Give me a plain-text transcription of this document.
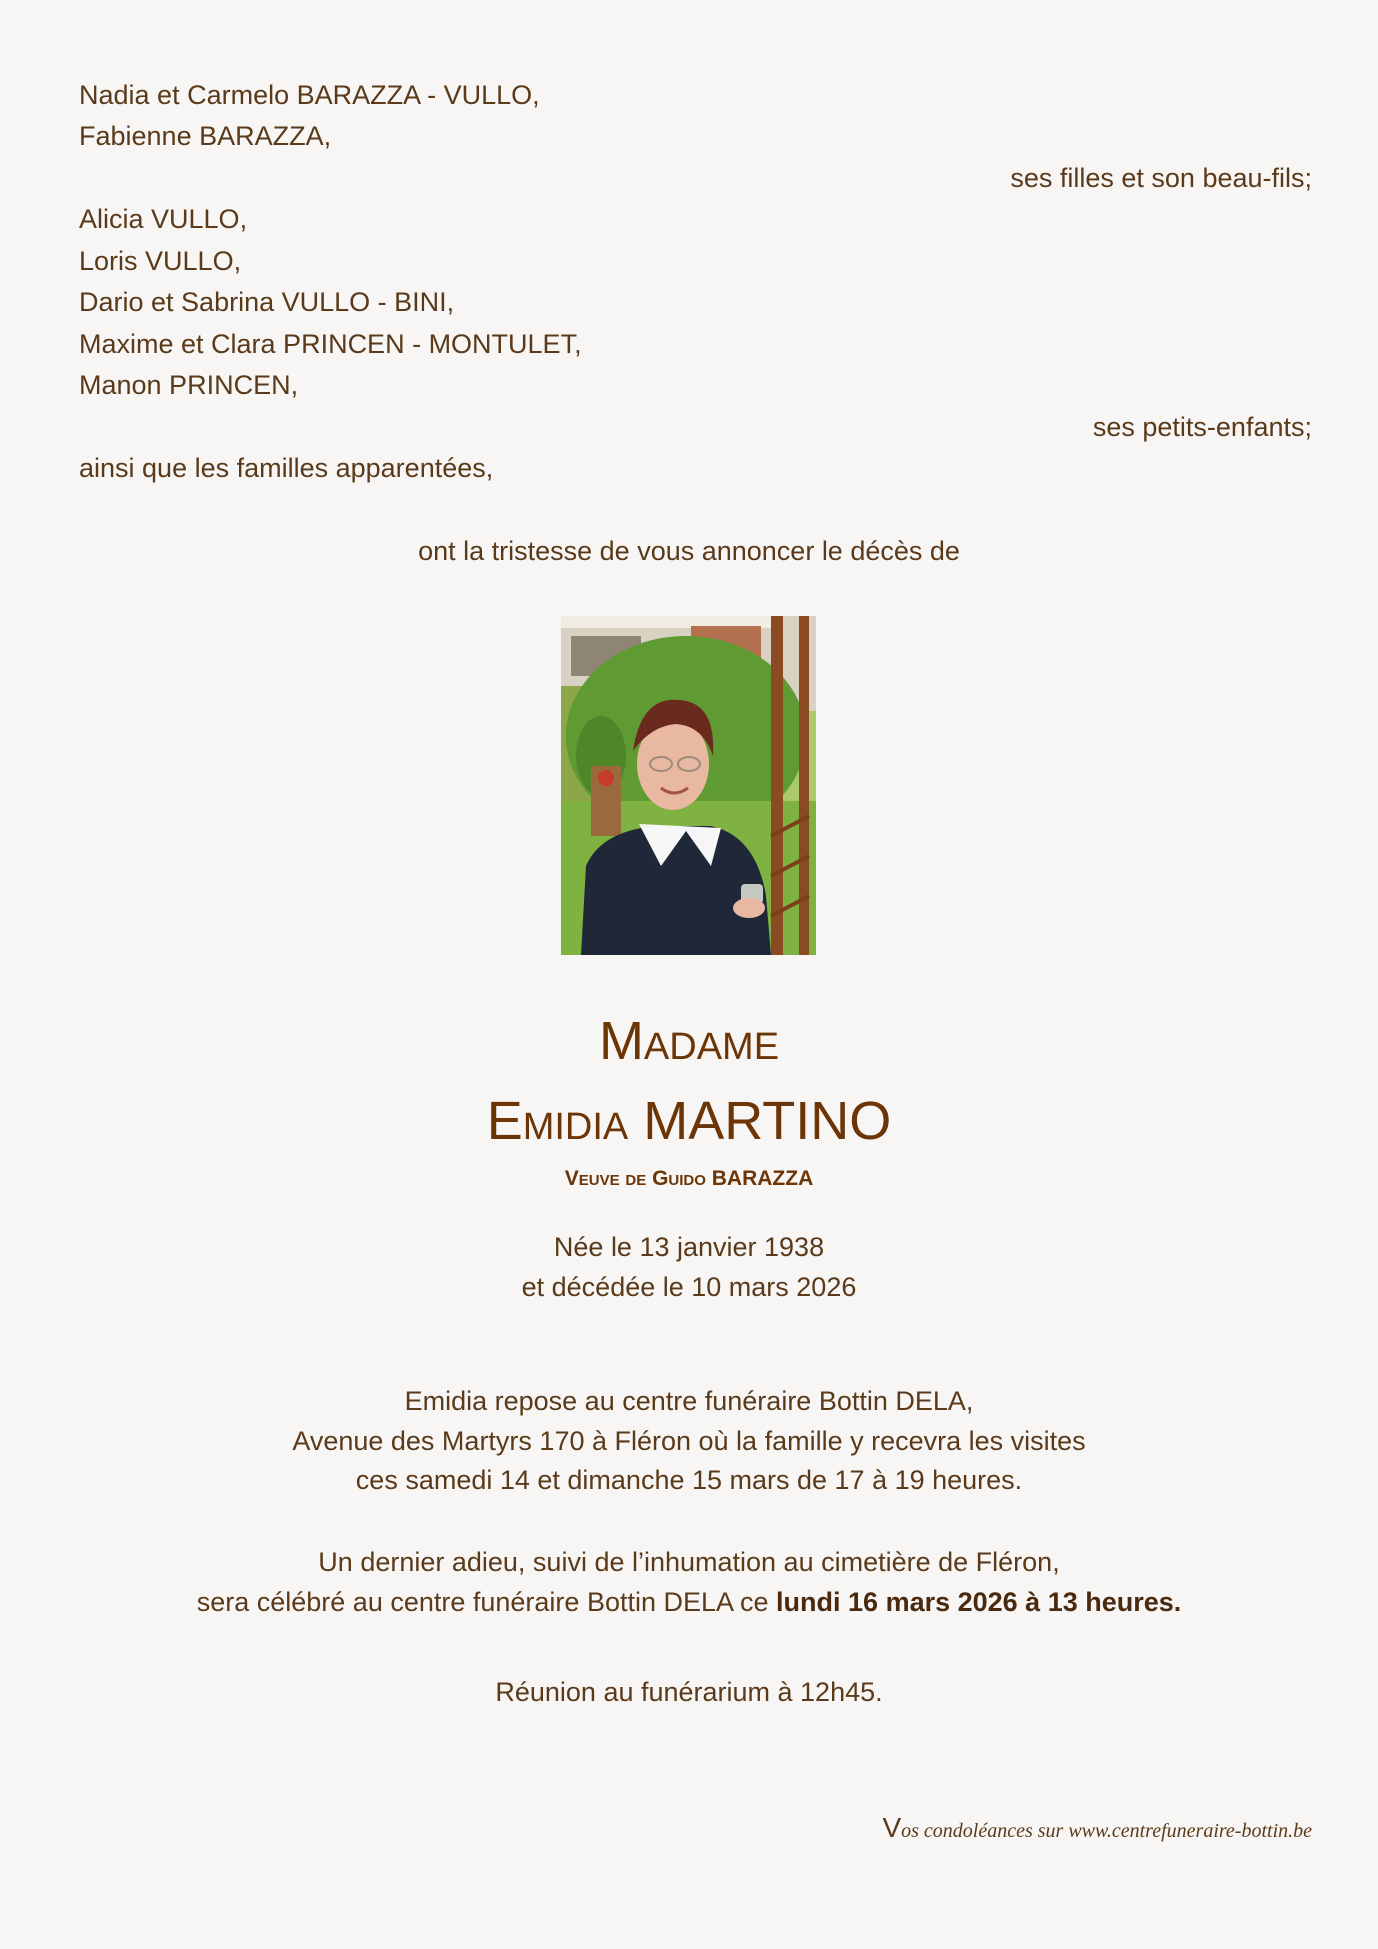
Nadia et Carmelo BARAZZA - VULLO,
Fabienne BARAZZA,
ses filles et son beau-fils;
Alicia VULLO,
Loris VULLO,
Dario et Sabrina VULLO - BINI,
Maxime et Clara PRINCEN - MONTULET,
Manon PRINCEN,
ses petits-enfants;
ainsi que les familles apparentées,
ont la tristesse de vous annoncer le décès de
Madame
Emidia MARTINO
Veuve de Guido BARAZZA
Née le 13 janvier 1938
et décédée le 10 mars 2026
Emidia repose au centre funéraire Bottin DELA,
Avenue des Martyrs 170 à Fléron où la famille y recevra les visites
ces samedi 14 et dimanche 15 mars de 17 à 19 heures.
Un dernier adieu, suivi de l’inhumation au cimetière de Fléron,
sera célébré au centre funéraire Bottin DELA ce lundi 16 mars 2026 à 13 heures.
Réunion au funérarium à 12h45.
Vos condoléances sur www.centrefuneraire-bottin.be
